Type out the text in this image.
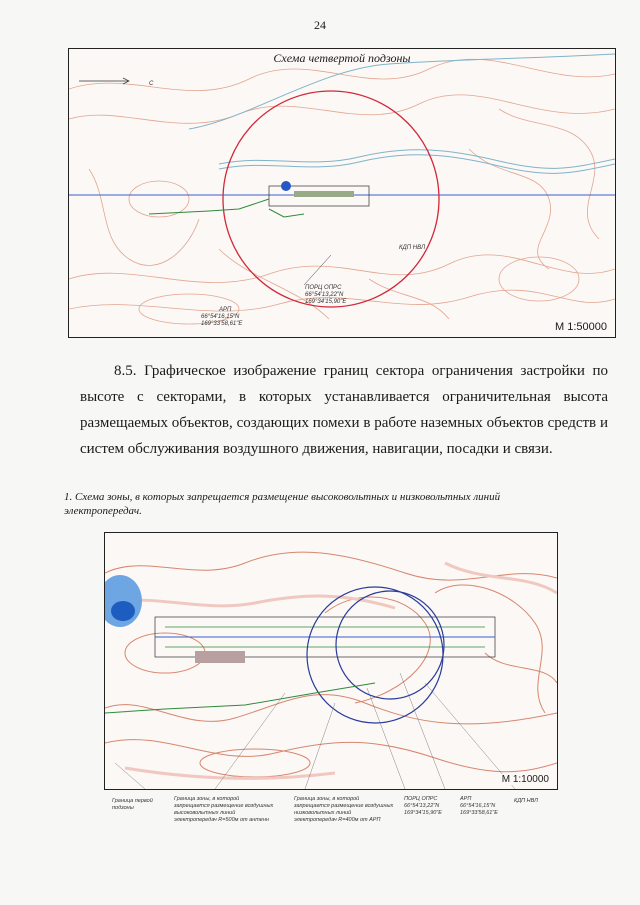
24
Схема четвертой подзоны
С
ПОРЦ ОПРС
66°54'13,22"N
169°34'15,90"E
АРП
66°54'16,15"N
169°33'58,61"E
КДП НВЛ
М 1:50000

8.5. Графическое изображение границ сектора ограничения застройки по высоте с секторами, в которых устанавливается ограничительная высота размещаемых объектов, создающих помехи в работе наземных объектов средств и систем обслуживания воздушного движения, навигации, посадки и связи.

1. Схема зоны, в которых запрещается размещение высоковольтных и низковольтных линий электропередач.
М 1:10000
Граница первой подзоны
Граница зоны, в которой запрещается размещение воздушных высоковольтных линий электропередач R=500м от антенн
Граница зоны, в которой запрещается размещение воздушных низковольтных линий электропередач R=400м от АРП
ПОРЦ ОПРС 66°54'13,22"N 169°34'15,90"E
АРП 66°54'16,15"N 169°33'58,61"E
КДП НВЛ
